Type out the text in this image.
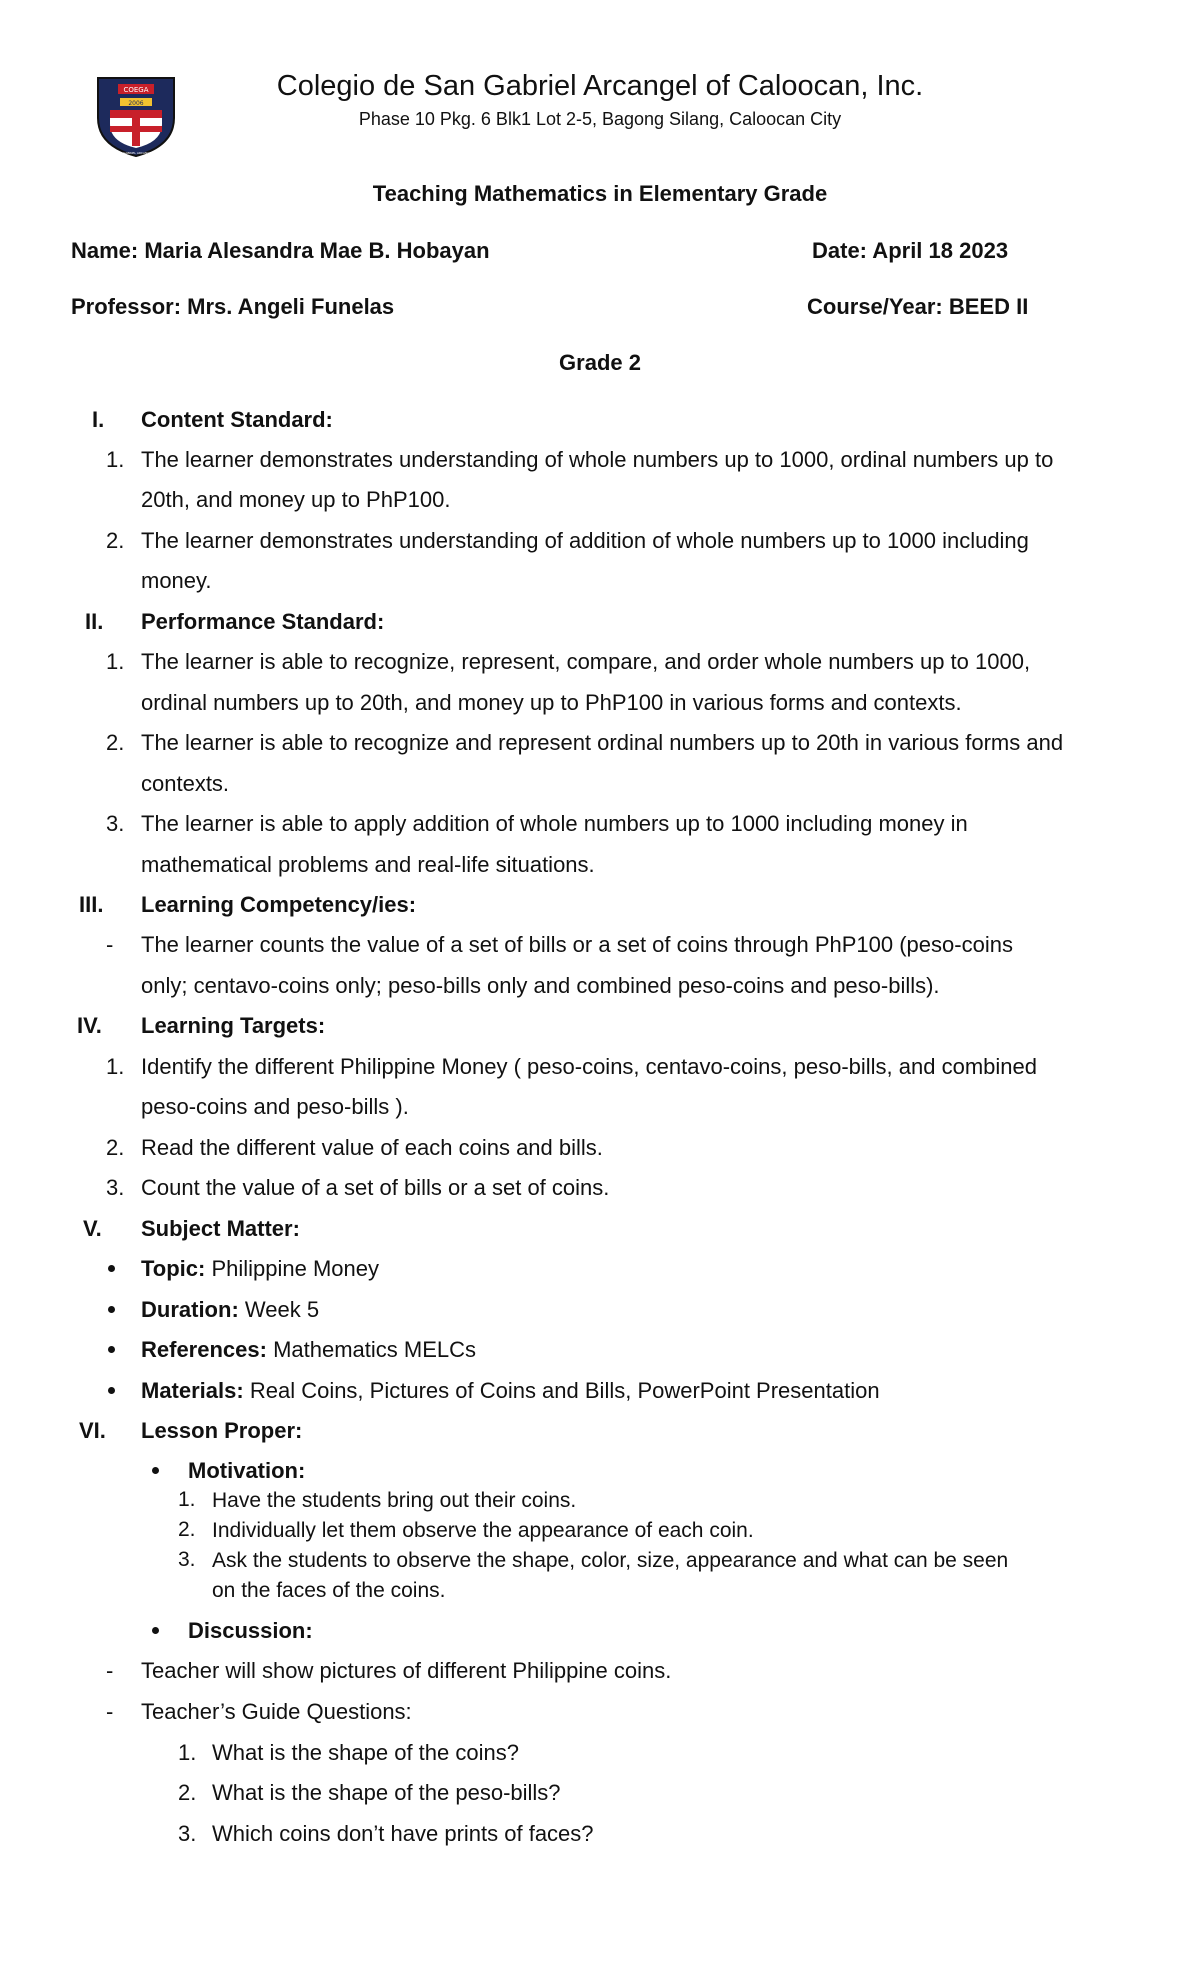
COEGA
2006
COLEGIO DE SAN GABRIEL ARCANGEL OF CALOOCAN
Colegio de San Gabriel Arcangel of Caloocan, Inc.
Phase 10 Pkg. 6 Blk1 Lot 2-5, Bagong Silang, Caloocan City
Teaching Mathematics in Elementary Grade
Name: Maria Alesandra Mae B. Hobayan	Date: April 18 2023
Professor: Mrs. Angeli Funelas	Course/Year: BEED II
Grade 2
I. Content Standard:
1. The learner demonstrates understanding of whole numbers up to 1000, ordinal numbers up to
20th, and money up to PhP100.
2. The learner demonstrates understanding of addition of whole numbers up to 1000 including
money.
II. Performance Standard:
1. The learner is able to recognize, represent, compare, and order whole numbers up to 1000,
ordinal numbers up to 20th, and money up to PhP100 in various forms and contexts.
2. The learner is able to recognize and represent ordinal numbers up to 20th in various forms and
contexts.
3. The learner is able to apply addition of whole numbers up to 1000 including money in
mathematical problems and real-life situations.
III. Learning Competency/ies:
- The learner counts the value of a set of bills or a set of coins through PhP100 (peso-coins
only; centavo-coins only; peso-bills only and combined peso-coins and peso-bills).
IV. Learning Targets:
1. Identify the different Philippine Money ( peso-coins, centavo-coins, peso-bills, and combined
peso-coins and peso-bills ).
2. Read the different value of each coins and bills.
3. Count the value of a set of bills or a set of coins.
V. Subject Matter:
Topic: Philippine Money
Duration: Week 5
References: Mathematics MELCs
Materials: Real Coins, Pictures of Coins and Bills, PowerPoint Presentation
VI. Lesson Proper:
Motivation:
1. Have the students bring out their coins.
2. Individually let them observe the appearance of each coin.
3. Ask the students to observe the shape, color, size, appearance and what can be seen
on the faces of the coins.
Discussion:
- Teacher will show pictures of different Philippine coins.
- Teacher’s Guide Questions:
1. What is the shape of the coins?
2. What is the shape of the peso-bills?
3. Which coins don’t have prints of faces?
